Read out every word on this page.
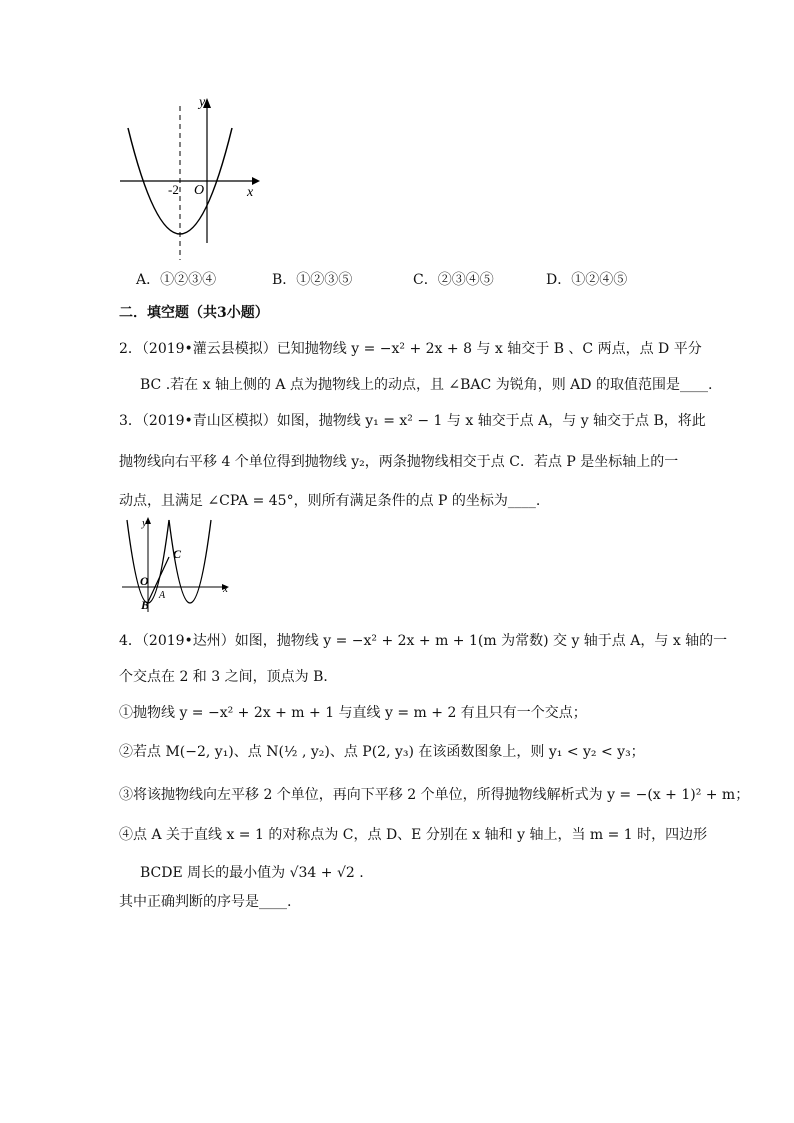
y
x
O
-2
A．①②③④	B．①②③⑤	C．②③④⑤	D．①②④⑤
二．填空题（共3小题）
2．（2019•灌云县模拟）已知抛物线 y = −x² + 2x + 8 与 x 轴交于 B 、C 两点，点 D 平分
BC .若在 x 轴上侧的 A 点为抛物线上的动点，且 ∠BAC 为锐角，则 AD 的取值范围是____.
3．（2019•青山区模拟）如图，抛物线 y₁ = x² − 1 与 x 轴交于点 A，与 y 轴交于点 B，将此
抛物线向右平移 4 个单位得到抛物线 y₂，两条抛物线相交于点 C．若点 P 是坐标轴上的一
动点，且满足 ∠CPA = 45°，则所有满足条件的点 P 的坐标为____.
y
x
O
C
A
B
4．（2019•达州）如图，抛物线 y = −x² + 2x + m + 1(m 为常数) 交 y 轴于点 A，与 x 轴的一
个交点在 2 和 3 之间，顶点为 B．
①抛物线 y = −x² + 2x + m + 1 与直线 y = m + 2 有且只有一个交点；
②若点 M(−2, y₁)、点 N(½ , y₂)、点 P(2, y₃) 在该函数图象上，则 y₁ < y₂ < y₃；
③将该抛物线向左平移 2 个单位，再向下平移 2 个单位，所得抛物线解析式为 y = −(x + 1)² + m；
④点 A 关于直线 x = 1 的对称点为 C，点 D、E 分别在 x 轴和 y 轴上，当 m = 1 时，四边形
BCDE 周长的最小值为 √34 + √2 .
其中正确判断的序号是____.
